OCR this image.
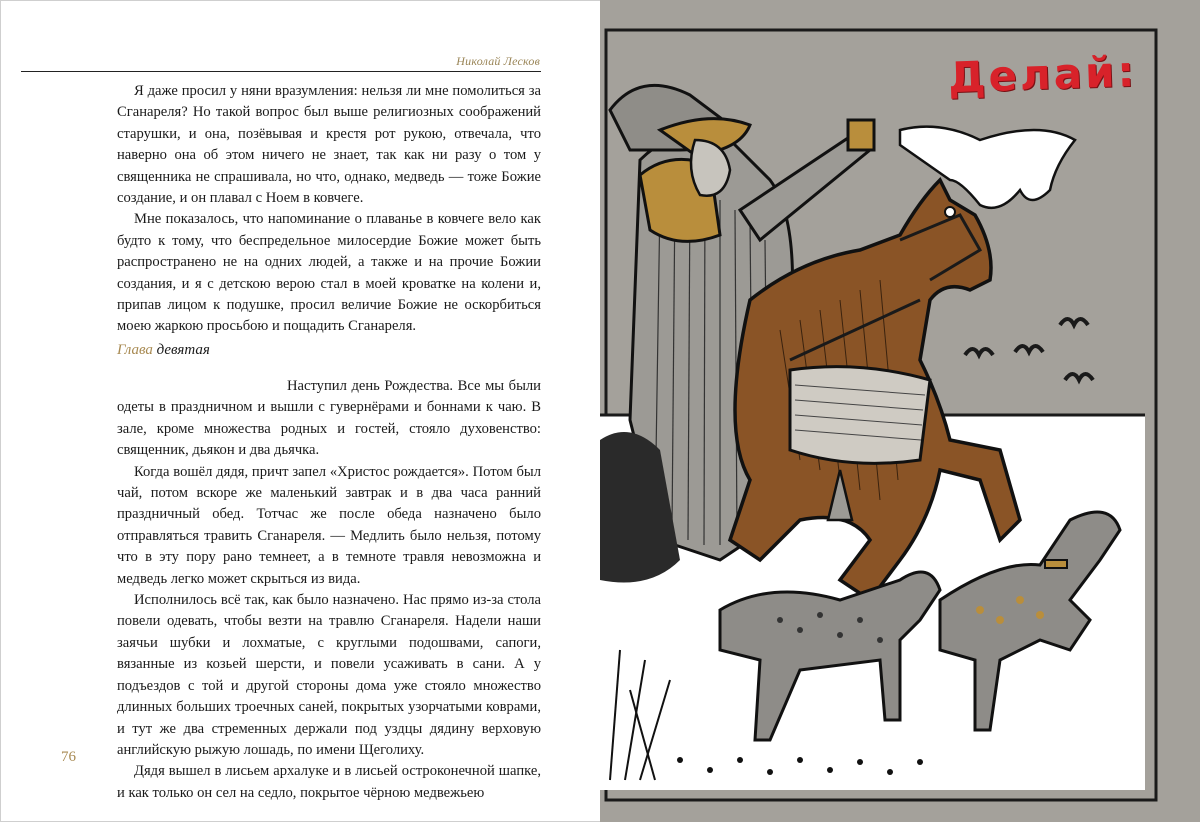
Николай Лесков

Я даже просил у няни вразумления: нельзя ли мне помолиться за Сганареля? Но такой вопрос был выше религиозных соображений старушки, и она, позёвывая и крестя рот рукою, отвечала, что наверно она об этом ничего не знает, так как ни разу о том у священника не спрашивала, но что, однако, медведь — тоже Божие создание, и он плавал с Ноем в ковчеге.

Мне показалось, что напоминание о плаванье в ковчеге вело как будто к тому, что беспредельное милосердие Божие может быть распространено не на одних людей, а также и на прочие Божии создания, и я с детскою верою стал в моей кроватке на колени и, припав лицом к подушке, просил величие Божие не оскорбиться моею жаркою просьбою и пощадить Сганареля.

Глава девятая

Наступил день Рождества. Все мы были одеты в праздничном и вышли с гувернёрами и боннами к чаю. В зале, кроме множества родных и гостей, стояло духовенство: священник, дьякон и два дьячка.

Когда вошёл дядя, причт запел «Христос рождается». Потом был чай, потом вскоре же маленький завтрак и в два часа ранний праздничный обед. Тотчас же после обеда назначено было отправляться травить Сганареля. — Медлить было нельзя, потому что в эту пору рано темнеет, а в темноте травля невозможна и медведь легко может скрыться из вида.

Исполнилось всё так, как было назначено. Нас прямо из-за стола повели одевать, чтобы везти на травлю Сганареля. Надели наши заячьи шубки и лохматые, с круглыми подошвами, сапоги, вязанные из козьей шерсти, и повели усаживать в сани. А у подъездов с той и другой стороны дома уже стояло множество длинных больших троечных саней, покрытых узорчатыми коврами, и тут же два стременных держали под уздцы дядину верховую английскую рыжую лошадь, по имени Щеголиху.

Дядя вышел в лисьем архалуке и в лисьей остроконечной шапке, и как только он сел на седло, покрытое чёрною медвежьею

76
Делай:
